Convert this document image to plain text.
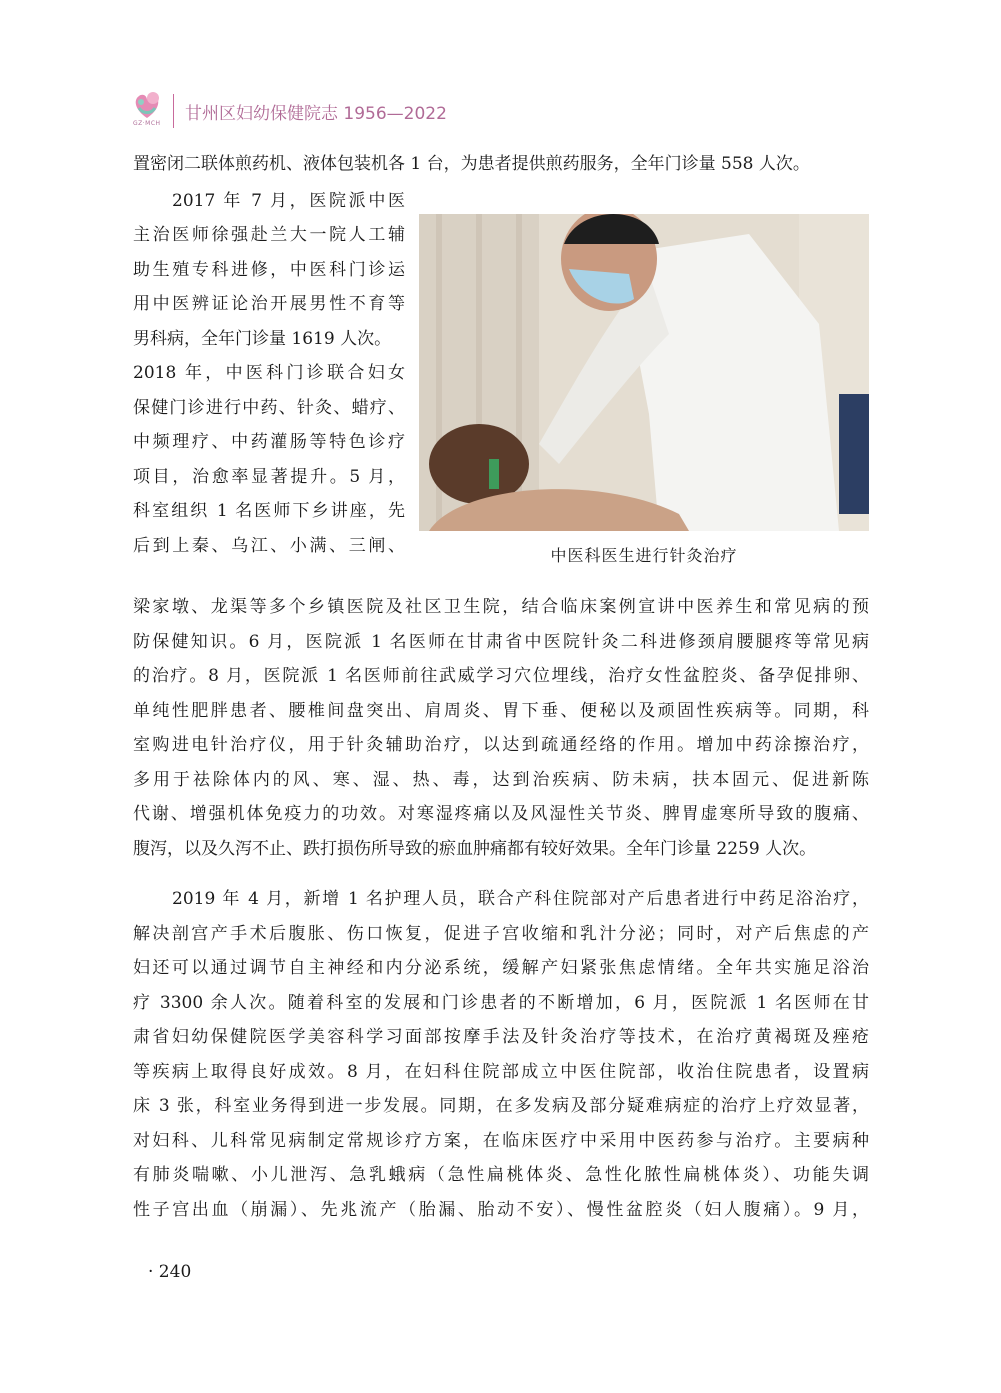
GZ·MCH 甘州区妇幼保健院志 1956—2022
置密闭二联体煎药机、液体包装机各 1 台，为患者提供煎药服务，全年门诊量 558 人次。
2017 年 7 月，医院派中医
主治医师徐强赴兰大一院人工辅
助生殖专科进修，中医科门诊运
用中医辨证论治开展男性不育等
男科病，全年门诊量 1619 人次。
2018 年，中医科门诊联合妇女
保健门诊进行中药、针灸、蜡疗、
中频理疗、中药灌肠等特色诊疗
项目，治愈率显著提升。5 月，
科室组织 1 名医师下乡讲座，先
后到上秦、乌江、小满、三闸、	中医科医生进行针灸治疗
梁家墩、龙渠等多个乡镇医院及社区卫生院，结合临床案例宣讲中医养生和常见病的预
防保健知识。6 月，医院派 1 名医师在甘肃省中医院针灸二科进修颈肩腰腿疼等常见病
的治疗。8 月，医院派 1 名医师前往武威学习穴位埋线，治疗女性盆腔炎、备孕促排卵、
单纯性肥胖患者、腰椎间盘突出、肩周炎、胃下垂、便秘以及顽固性疾病等。同期，科
室购进电针治疗仪，用于针灸辅助治疗，以达到疏通经络的作用。增加中药涂擦治疗，
多用于祛除体内的风、寒、湿、热、毒，达到治疾病、防未病，扶本固元、促进新陈
代谢、增强机体免疫力的功效。对寒湿疼痛以及风湿性关节炎、脾胃虚寒所导致的腹痛、
腹泻，以及久泻不止、跌打损伤所导致的瘀血肿痛都有较好效果。全年门诊量 2259 人次。
2019 年 4 月，新增 1 名护理人员，联合产科住院部对产后患者进行中药足浴治疗，
解决剖宫产手术后腹胀、伤口恢复，促进子宫收缩和乳汁分泌；同时，对产后焦虑的产
妇还可以通过调节自主神经和内分泌系统，缓解产妇紧张焦虑情绪。全年共实施足浴治
疗 3300 余人次。随着科室的发展和门诊患者的不断增加，6 月，医院派 1 名医师在甘
肃省妇幼保健院医学美容科学习面部按摩手法及针灸治疗等技术，在治疗黄褐斑及痤疮
等疾病上取得良好成效。8 月，在妇科住院部成立中医住院部，收治住院患者，设置病
床 3 张，科室业务得到进一步发展。同期，在多发病及部分疑难病症的治疗上疗效显著，
对妇科、儿科常见病制定常规诊疗方案，在临床医疗中采用中医药参与治疗。主要病种
有肺炎喘嗽、小儿泄泻、急乳蛾病（急性扁桃体炎、急性化脓性扁桃体炎）、功能失调
性子宫出血（崩漏）、先兆流产（胎漏、胎动不安）、慢性盆腔炎（妇人腹痛）。9 月，
· 240
